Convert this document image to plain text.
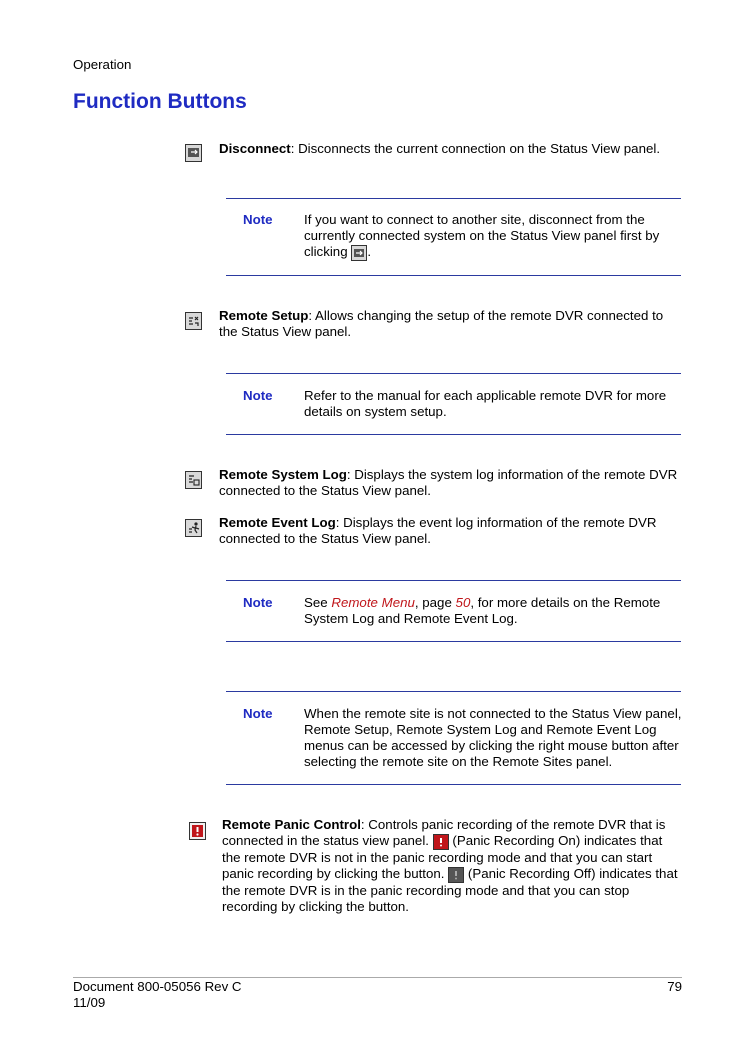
Operation
Function Buttons
Disconnect: Disconnects the current connection on the Status View panel.
Note If you want to connect to another site, disconnect from the currently connected system on the Status View panel first by clicking .
Remote Setup: Allows changing the setup of the remote DVR connected to the Status View panel.
Note Refer to the manual for each applicable remote DVR for more details on system setup.
Remote System Log: Displays the system log information of the remote DVR connected to the Status View panel.
Remote Event Log: Displays the event log information of the remote DVR connected to the Status View panel.
Note See Remote Menu, page 50, for more details on the Remote System Log and Remote Event Log.
Note When the remote site is not connected to the Status View panel, Remote Setup, Remote System Log and Remote Event Log menus can be accessed by clicking the right mouse button after selecting the remote site on the Remote Sites panel.
Remote Panic Control: Controls panic recording of the remote DVR that is connected in the status view panel. (Panic Recording On) indicates that the remote DVR is not in the panic recording mode and that you can start panic recording by clicking the button. (Panic Recording Off) indicates that the remote DVR is in the panic recording mode and that you can stop recording by clicking the button.
Document 800-05056 Rev C
11/09
79
